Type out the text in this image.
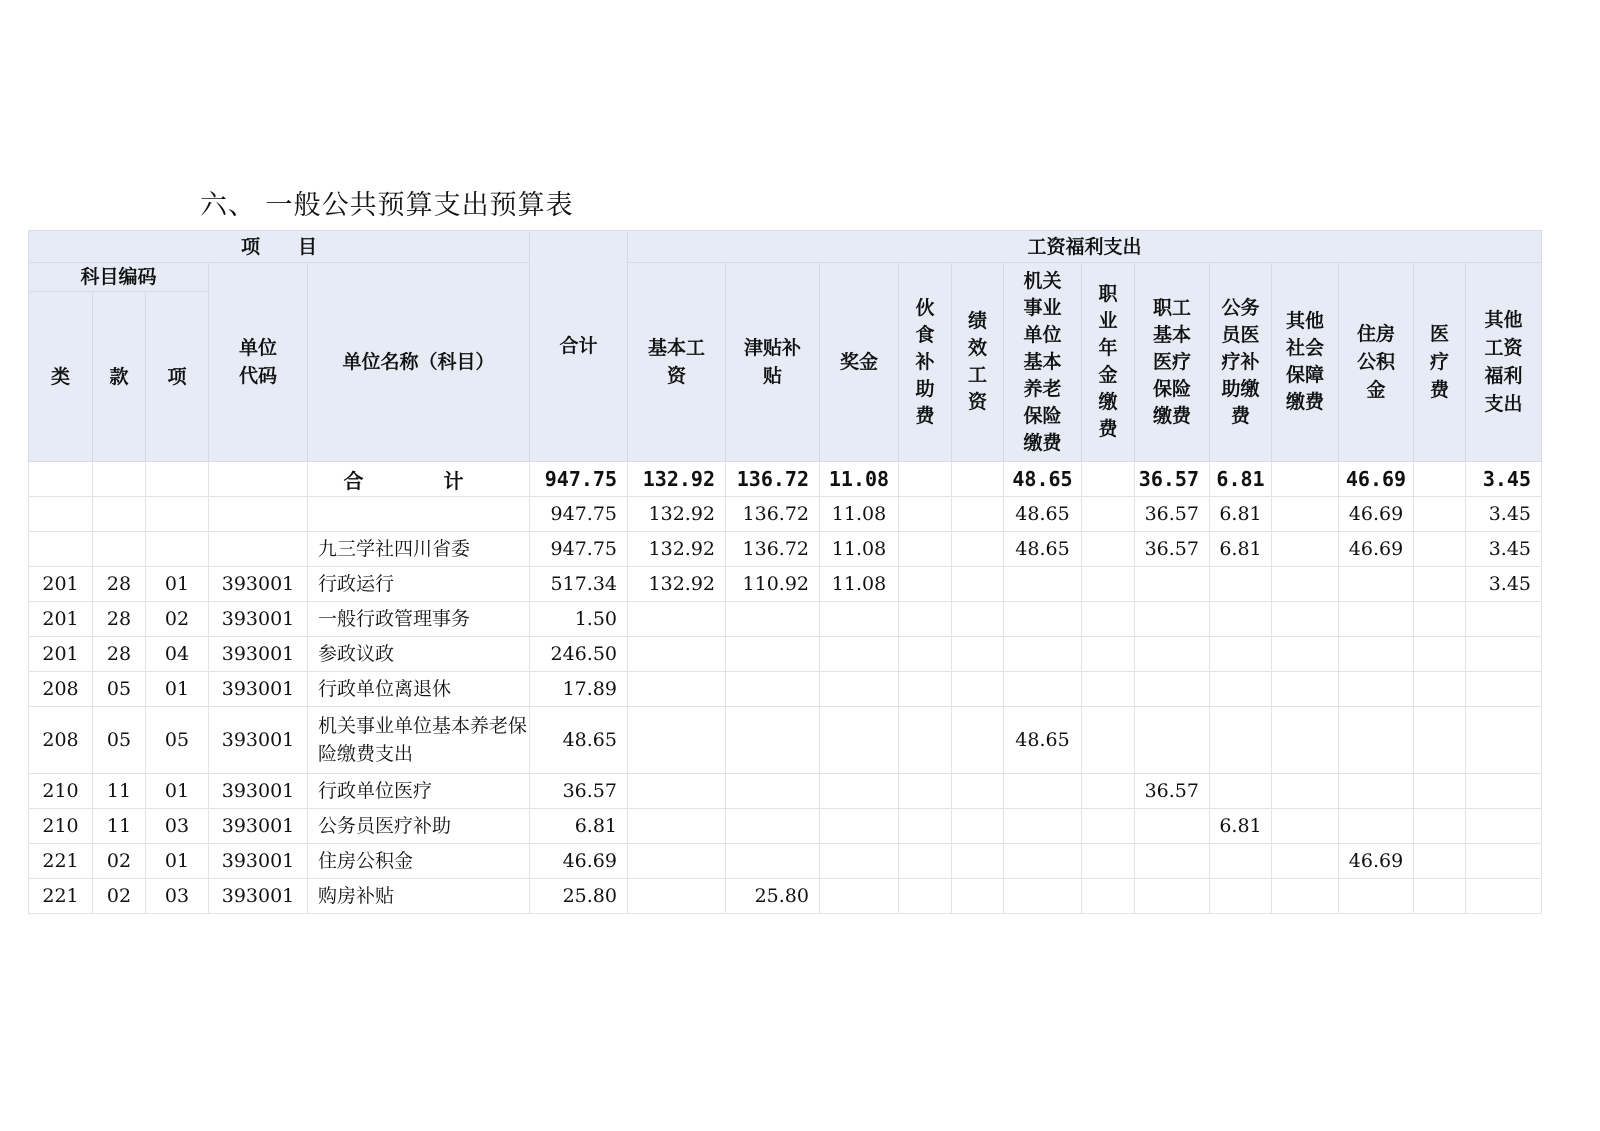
六、 一般公共预算支出预算表
项　　目					合计	工资福利支出												
科目编码			单位代码	单位名称（科目）		基本工资	津贴补贴	奖金	伙食补助费	绩效工资	机关事业单位基本养老保险缴费	职业年金缴费	职工基本医疗保险缴费	公务员医疗补助缴费	其他社会保障缴费	住房公积金	医疗费	其他工资福利支出
类	款	项																
				合　计	947.75	132.92	136.72	11.08			48.65		36.57	6.81		46.69		3.45
					947.75	132.92	136.72	11.08			48.65		36.57	6.81		46.69		3.45
				九三学社四川省委	947.75	132.92	136.72	11.08			48.65		36.57	6.81		46.69		3.45
201	28	01	393001	行政运行	517.34	132.92	110.92	11.08										3.45
201	28	02	393001	一般行政管理事务	1.50													
201	28	04	393001	参政议政	246.50													
208	05	01	393001	行政单位离退休	17.89													
208	05	05	393001	机关事业单位基本养老保险缴费支出	48.65						48.65							
210	11	01	393001	行政单位医疗	36.57								36.57					
210	11	03	393001	公务员医疗补助	6.81									6.81				
221	02	01	393001	住房公积金	46.69											46.69		
221	02	03	393001	购房补贴	25.80		25.80											
